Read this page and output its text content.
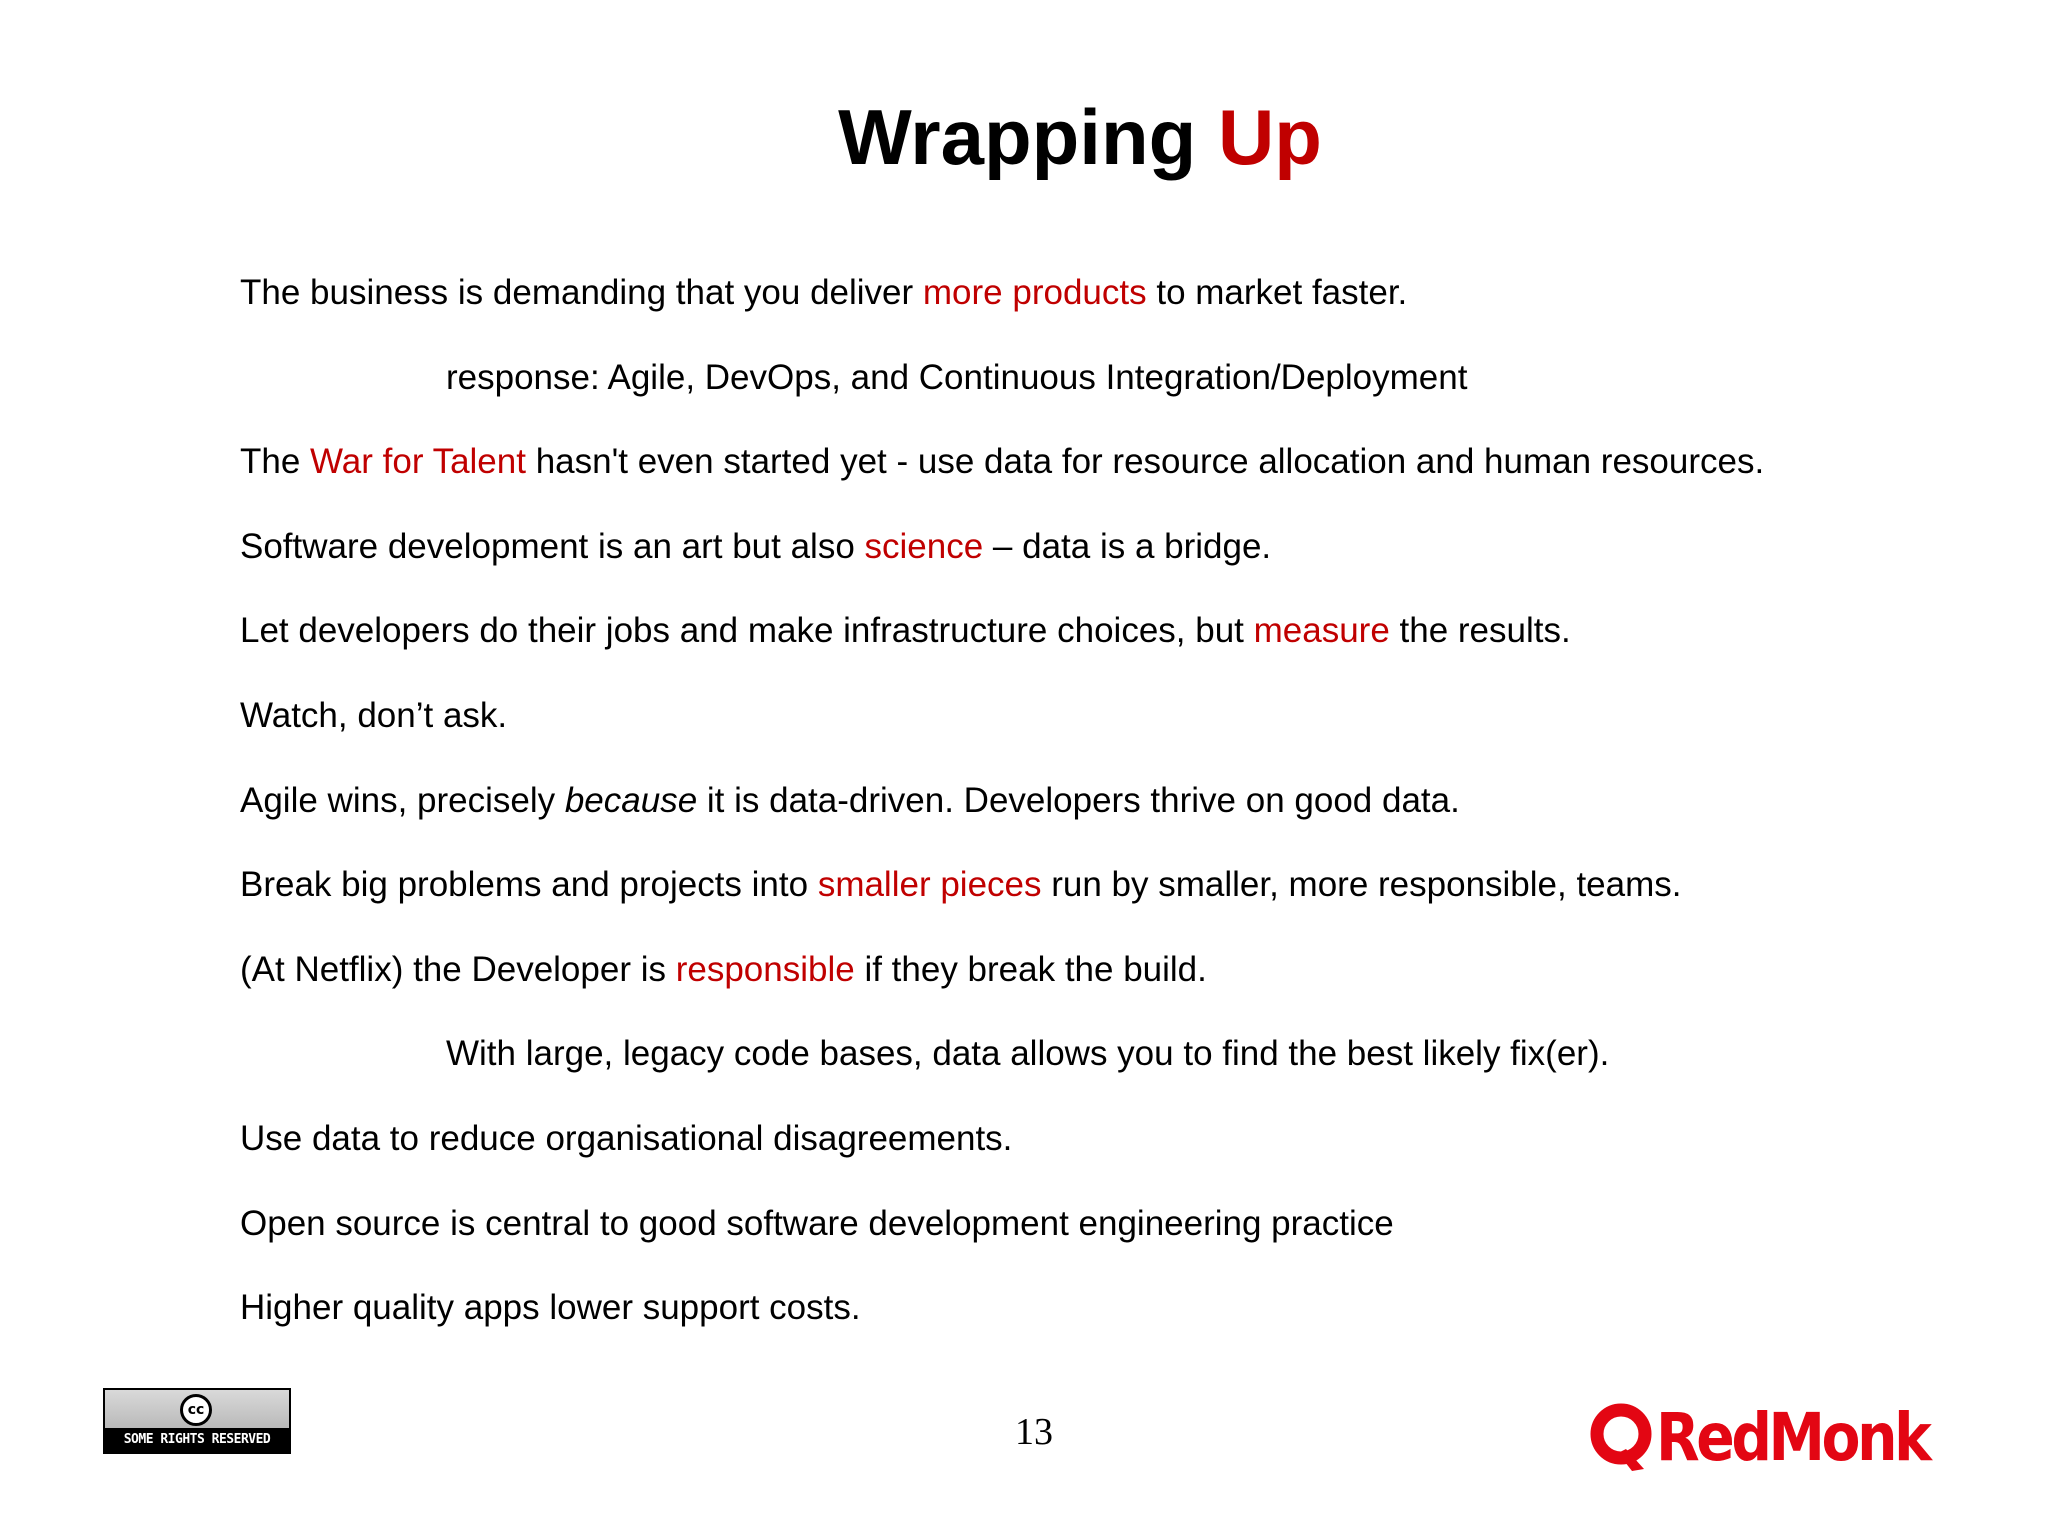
Wrapping Up
The business is demanding that you deliver more products to market faster.
response: Agile, DevOps, and Continuous Integration/Deployment
The War for Talent hasn't even started yet - use data for resource allocation and human resources.
Software development is an art but also science – data is a bridge.
Let developers do their jobs and make infrastructure choices, but measure the results.
Watch, don’t ask.
Agile wins, precisely because it is data-driven. Developers thrive on good data.
Break big problems and projects into smaller pieces run by smaller, more responsible, teams.
(At Netflix) the Developer is responsible if they break the build.
With large, legacy code bases, data allows you to find the best likely fix(er).
Use data to reduce organisational disagreements.
Open source is central to good software development engineering practice
Higher quality apps lower support costs.
cc
SOME RIGHTS RESERVED	13	RedMonk
